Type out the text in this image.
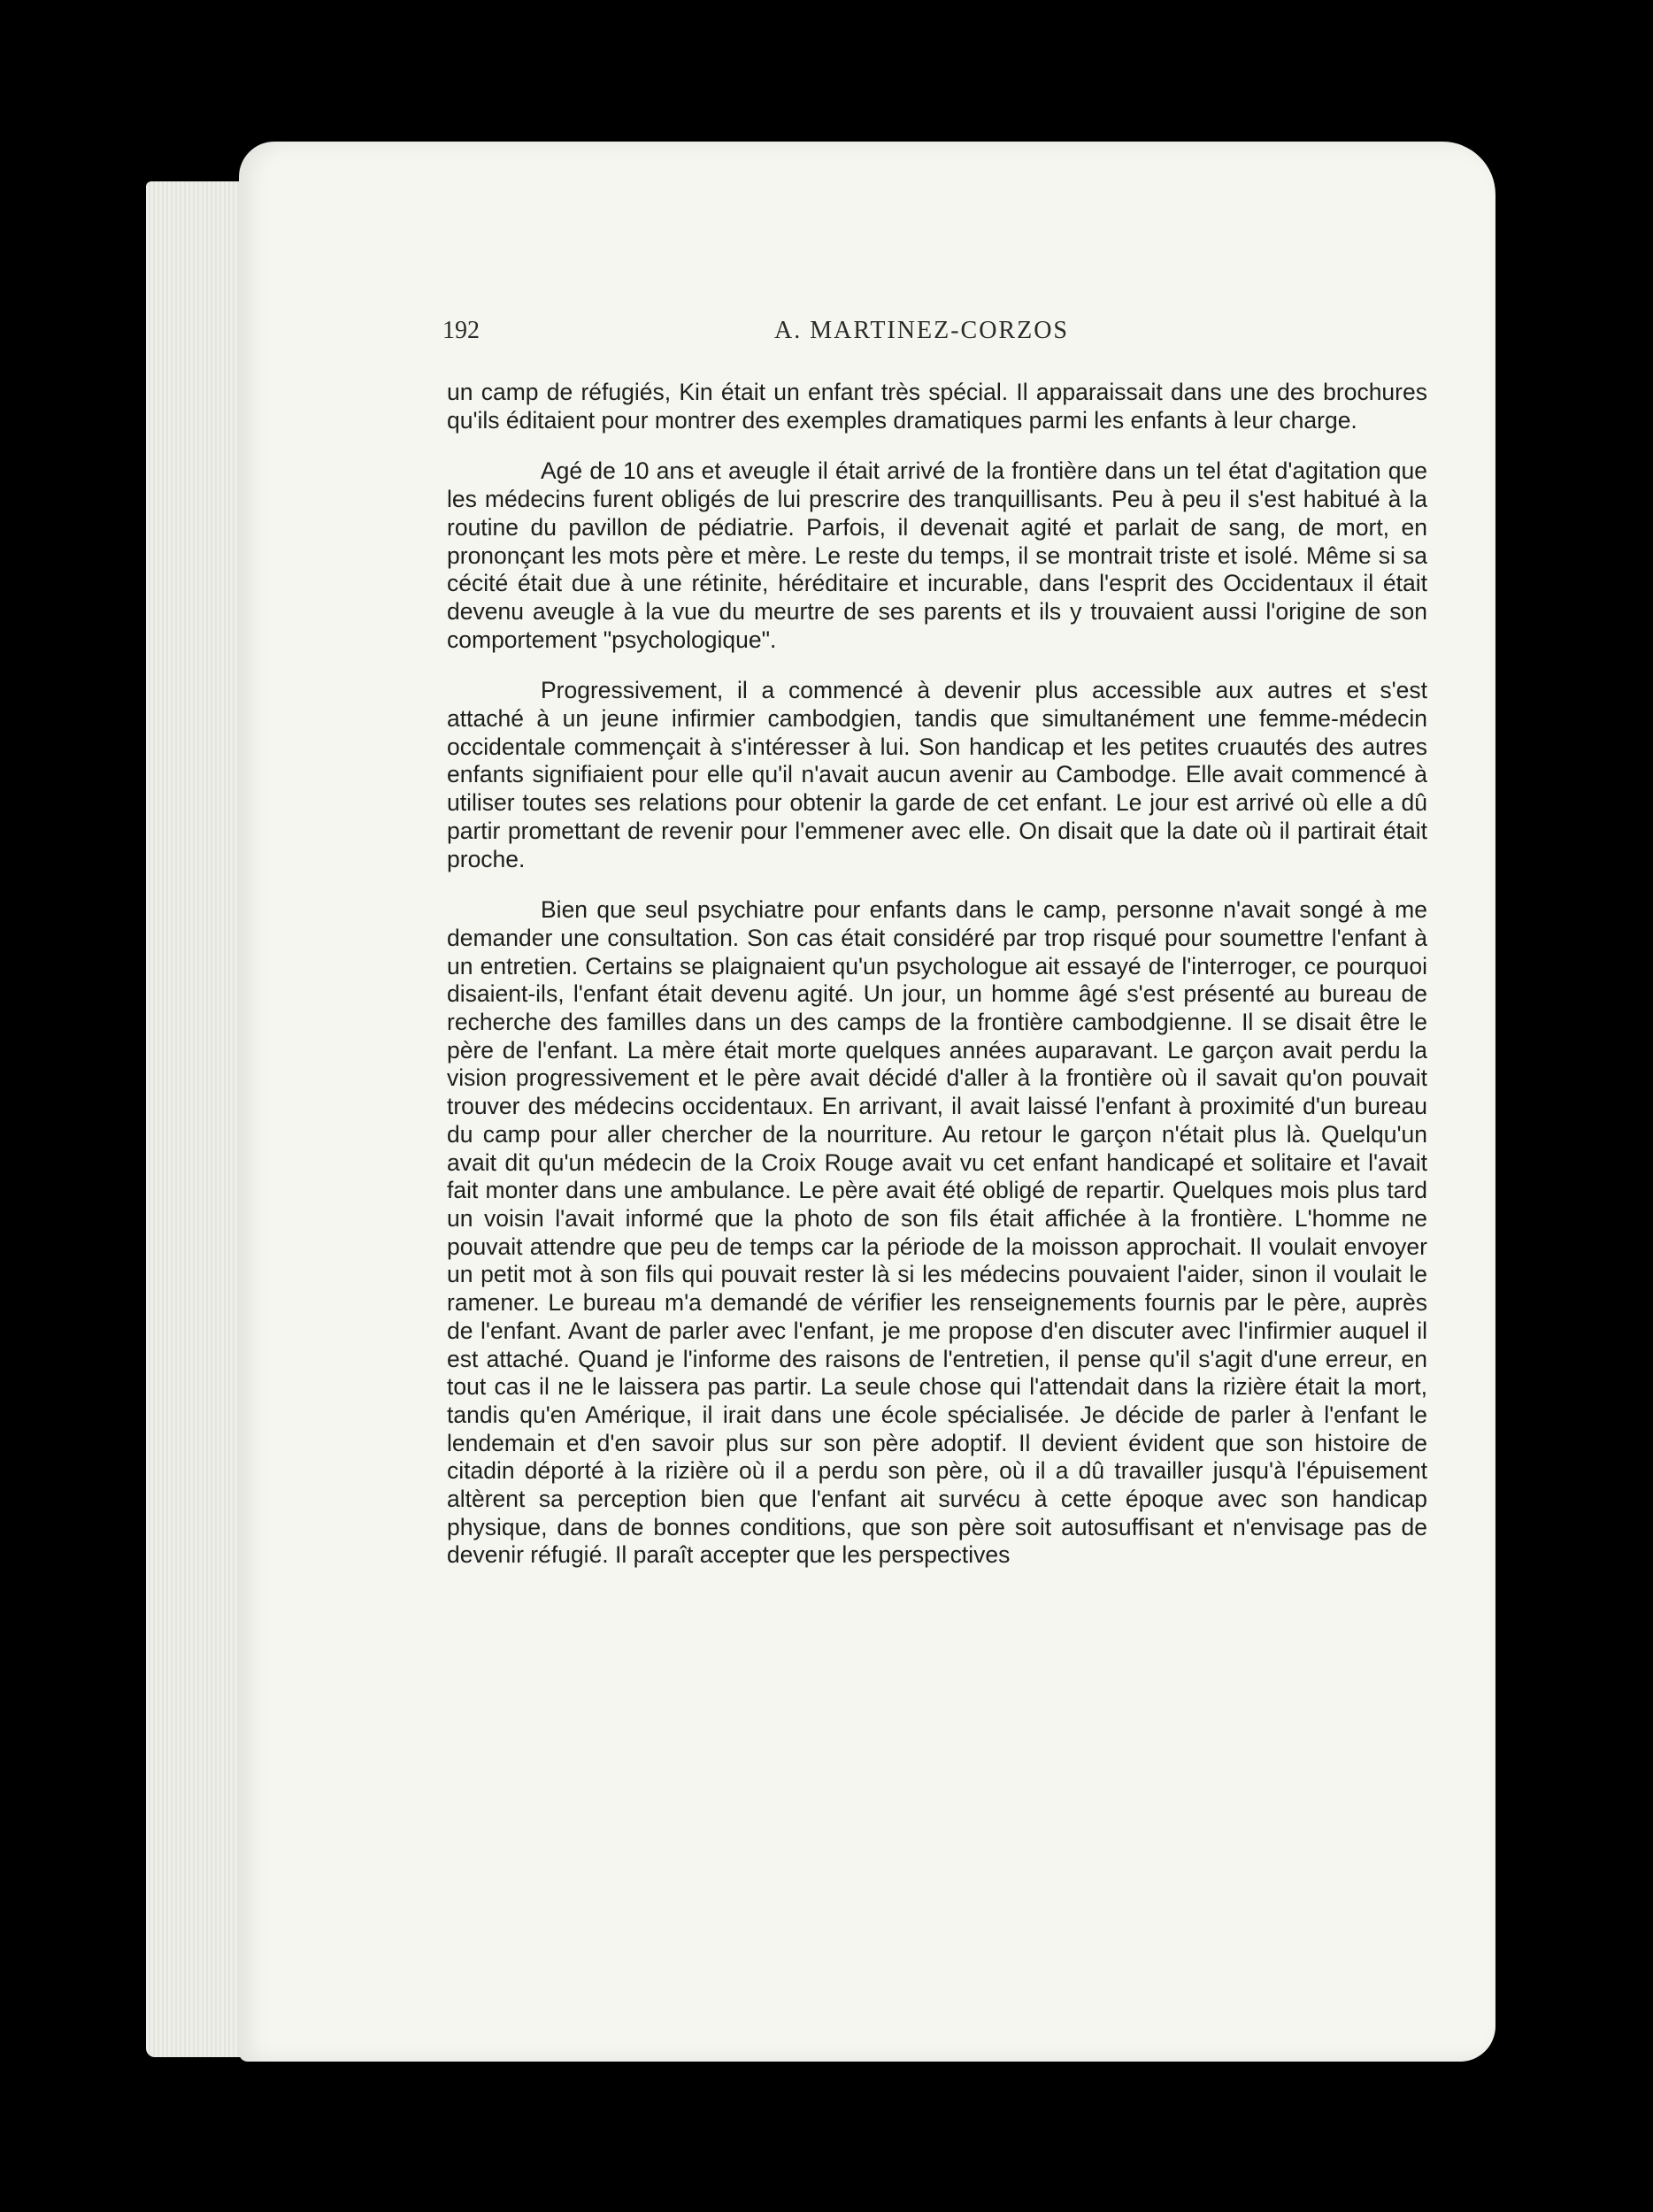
192	A. MARTINEZ-CORZOS

un camp de réfugiés, Kin était un enfant très spécial. Il apparaissait dans une des brochures qu'ils éditaient pour montrer des exemples dramatiques parmi les enfants à leur charge.

Agé de 10 ans et aveugle il était arrivé de la frontière dans un tel état d'agitation que les médecins furent obligés de lui prescrire des tranquillisants. Peu à peu il s'est habitué à la routine du pavillon de pédiatrie. Parfois, il devenait agité et parlait de sang, de mort, en prononçant les mots père et mère. Le reste du temps, il se montrait triste et isolé. Même si sa cécité était due à une rétinite, héréditaire et incurable, dans l'esprit des Occidentaux il était devenu aveugle à la vue du meurtre de ses parents et ils y trouvaient aussi l'origine de son comportement "psychologique".

Progressivement, il a commencé à devenir plus accessible aux autres et s'est attaché à un jeune infirmier cambodgien, tandis que simultanément une femme-médecin occidentale commençait à s'intéresser à lui. Son handicap et les petites cruautés des autres enfants signifiaient pour elle qu'il n'avait aucun avenir au Cambodge. Elle avait commencé à utiliser toutes ses relations pour obtenir la garde de cet enfant. Le jour est arrivé où elle a dû partir promettant de revenir pour l'emmener avec elle. On disait que la date où il partirait était proche.

Bien que seul psychiatre pour enfants dans le camp, personne n'avait songé à me demander une consultation. Son cas était considéré par trop risqué pour soumettre l'enfant à un entretien. Certains se plaignaient qu'un psychologue ait essayé de l'interroger, ce pourquoi disaient-ils, l'enfant était devenu agité. Un jour, un homme âgé s'est présenté au bureau de recherche des familles dans un des camps de la frontière cambodgienne. Il se disait être le père de l'enfant. La mère était morte quelques années auparavant. Le garçon avait perdu la vision progressivement et le père avait décidé d'aller à la frontière où il savait qu'on pouvait trouver des médecins occidentaux. En arrivant, il avait laissé l'enfant à proximité d'un bureau du camp pour aller chercher de la nourriture. Au retour le garçon n'était plus là. Quelqu'un avait dit qu'un médecin de la Croix Rouge avait vu cet enfant handicapé et solitaire et l'avait fait monter dans une ambulance. Le père avait été obligé de repartir. Quelques mois plus tard un voisin l'avait informé que la photo de son fils était affichée à la frontière. L'homme ne pouvait attendre que peu de temps car la période de la moisson approchait. Il voulait envoyer un petit mot à son fils qui pouvait rester là si les médecins pouvaient l'aider, sinon il voulait le ramener. Le bureau m'a demandé de vérifier les renseignements fournis par le père, auprès de l'enfant. Avant de parler avec l'enfant, je me propose d'en discuter avec l'infirmier auquel il est attaché. Quand je l'informe des raisons de l'entretien, il pense qu'il s'agit d'une erreur, en tout cas il ne le laissera pas partir. La seule chose qui l'attendait dans la rizière était la mort, tandis qu'en Amérique, il irait dans une école spécialisée. Je décide de parler à l'enfant le lendemain et d'en savoir plus sur son père adoptif. Il devient évident que son histoire de citadin déporté à la rizière où il a perdu son père, où il a dû travailler jusqu'à l'épuisement altèrent sa perception bien que l'enfant ait survécu à cette époque avec son handicap physique, dans de bonnes conditions, que son père soit autosuffisant et n'envisage pas de devenir réfugié. Il paraît accepter que les perspectives
